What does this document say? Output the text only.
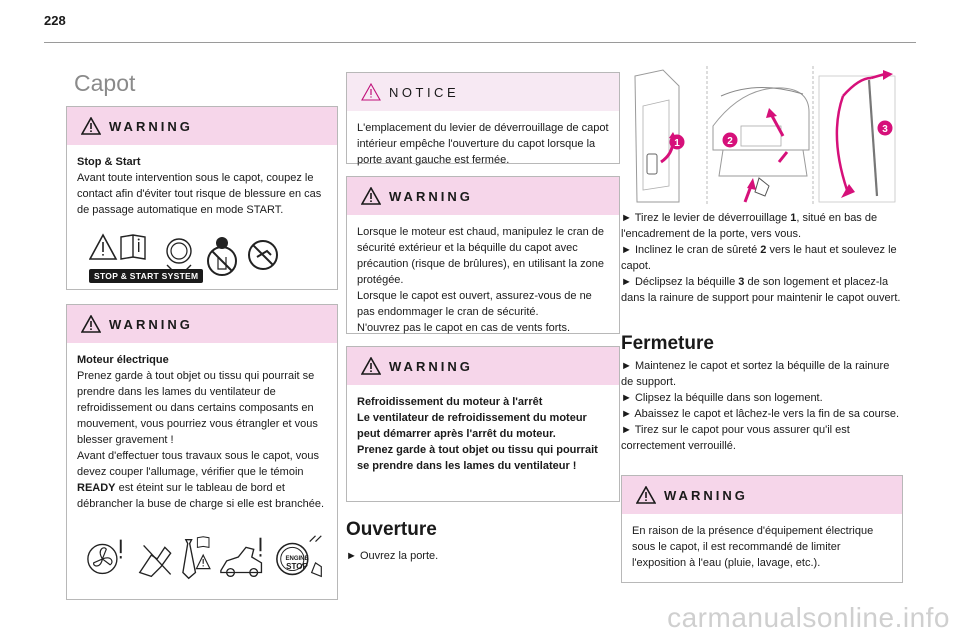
228
Capot
WARNING

Stop & Start

Avant toute intervention sous le capot, coupez le contact afin d'éviter tout risque de blessure en cas de passage automatique en mode START.

STOP & START SYSTEM
WARNING

Moteur électrique

Prenez garde à tout objet ou tissu qui pourrait se prendre dans les lames du ventilateur de refroidissement ou dans certains composants en mouvement, vous pourriez vous étrangler et vous blesser gravement !

Avant d'effectuer tous travaux sous le capot, vous devez couper l'allumage, vérifier que le témoin READY est éteint sur le tableau de bord et débrancher la buse de charge si elle est branchée.

ENGINE
STOP
NOTICE

L'emplacement du levier de déverrouillage de capot intérieur empêche l'ouverture du capot lorsque la porte avant gauche est fermée.

WARNING

Lorsque le moteur est chaud, manipulez le cran de sécurité extérieur et la béquille du capot avec précaution (risque de brûlures), en utilisant la zone protégée.

Lorsque le capot est ouvert, assurez-vous de ne pas endommager le cran de sécurité.

N'ouvrez pas le capot en cas de vents forts.

WARNING

Refroidissement du moteur à l'arrêt

Le ventilateur de refroidissement du moteur peut démarrer après l'arrêt du moteur.

Prenez garde à tout objet ou tissu qui pourrait se prendre dans les lames du ventilateur !

Ouverture
► Ouvrez la porte.
1	2
3

► Tirez le levier de déverrouillage 1, situé en bas de l'encadrement de la porte, vers vous.

► Inclinez le cran de sûreté 2 vers le haut et soulevez le capot.

► Déclipsez la béquille 3 de son logement et placez-la dans la rainure de support pour maintenir le capot ouvert.

Fermeture

► Maintenez le capot et sortez la béquille de la rainure de support.

► Clipsez la béquille dans son logement.

► Abaissez le capot et lâchez-le vers la fin de sa course.

► Tirez sur le capot pour vous assurer qu'il est correctement verrouillé.

WARNING

En raison de la présence d'équipement électrique sous le capot, il est recommandé de limiter l'exposition à l'eau (pluie, lavage, etc.).

carmanualsonline.info
